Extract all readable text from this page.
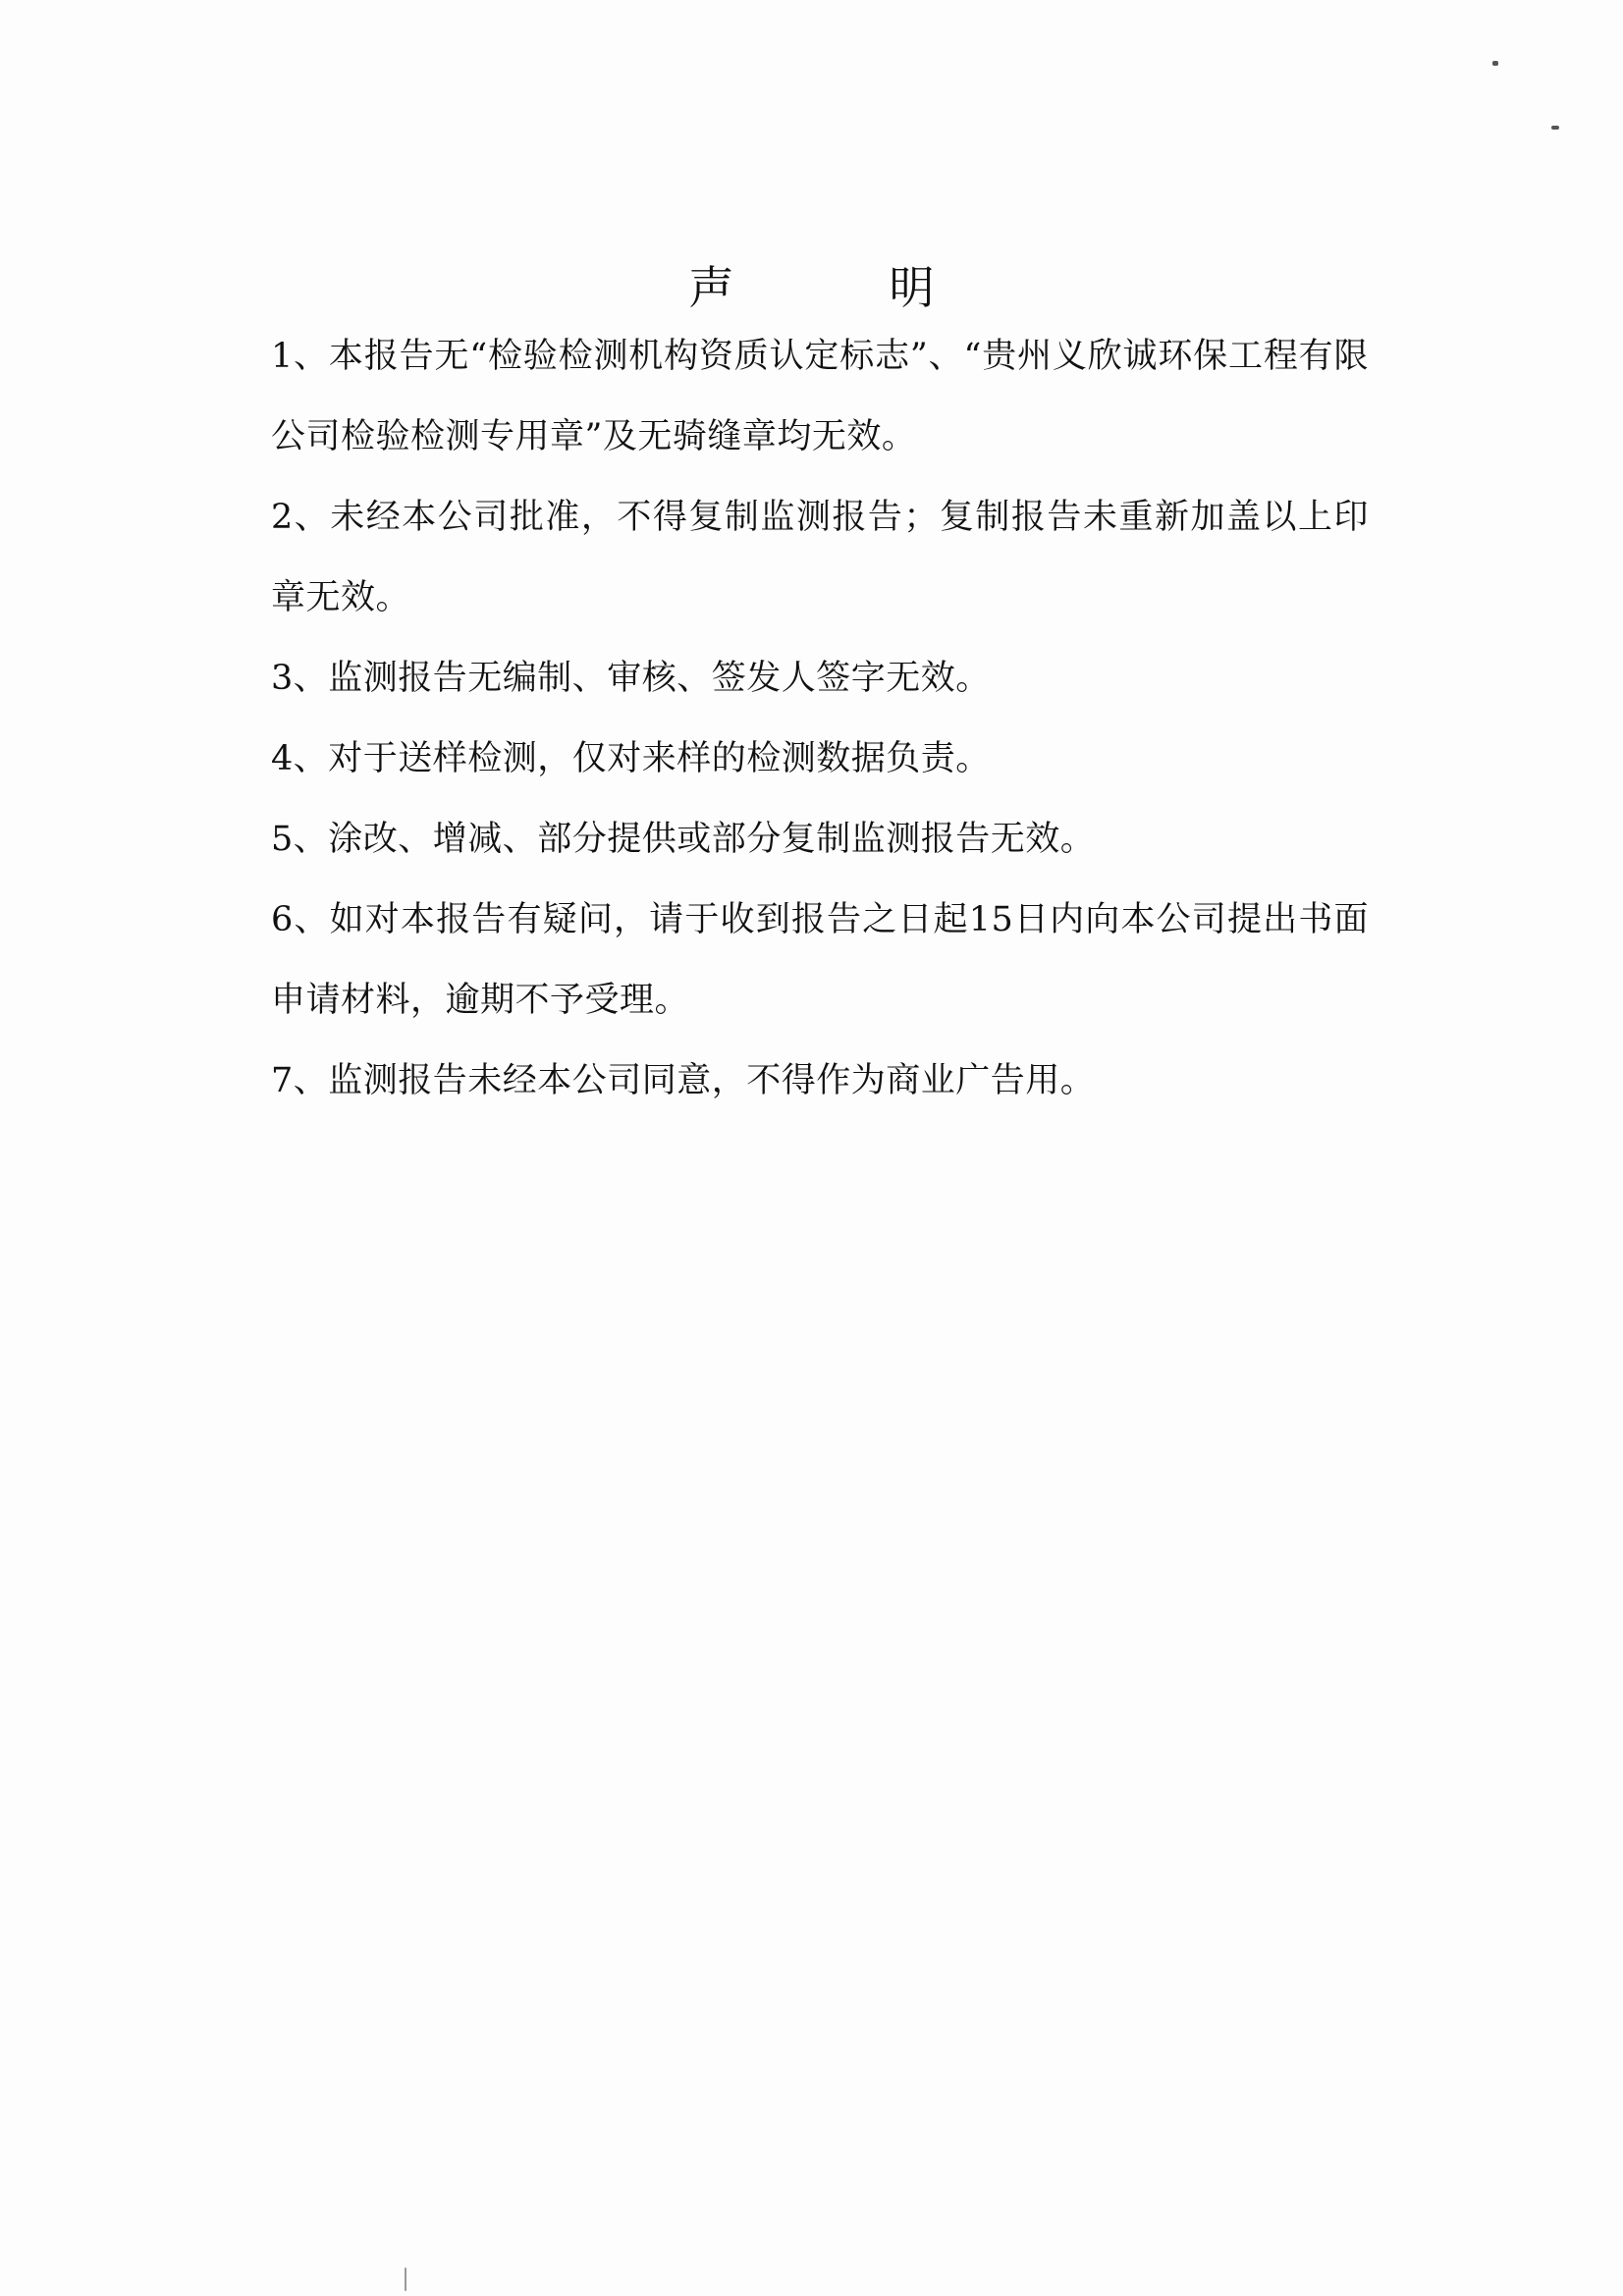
声　明

1、本报告无“检验检测机构资质认定标志”、“贵州义欣诚环保工程有限公司检验检测专用章”及无骑缝章均无效。

2、未经本公司批准，不得复制监测报告；复制报告未重新加盖以上印章无效。

3、监测报告无编制、审核、签发人签字无效。

4、对于送样检测，仅对来样的检测数据负责。

5、涂改、增减、部分提供或部分复制监测报告无效。

6、如对本报告有疑问，请于收到报告之日起15日内向本公司提出书面申请材料，逾期不予受理。

7、监测报告未经本公司同意，不得作为商业广告用。
